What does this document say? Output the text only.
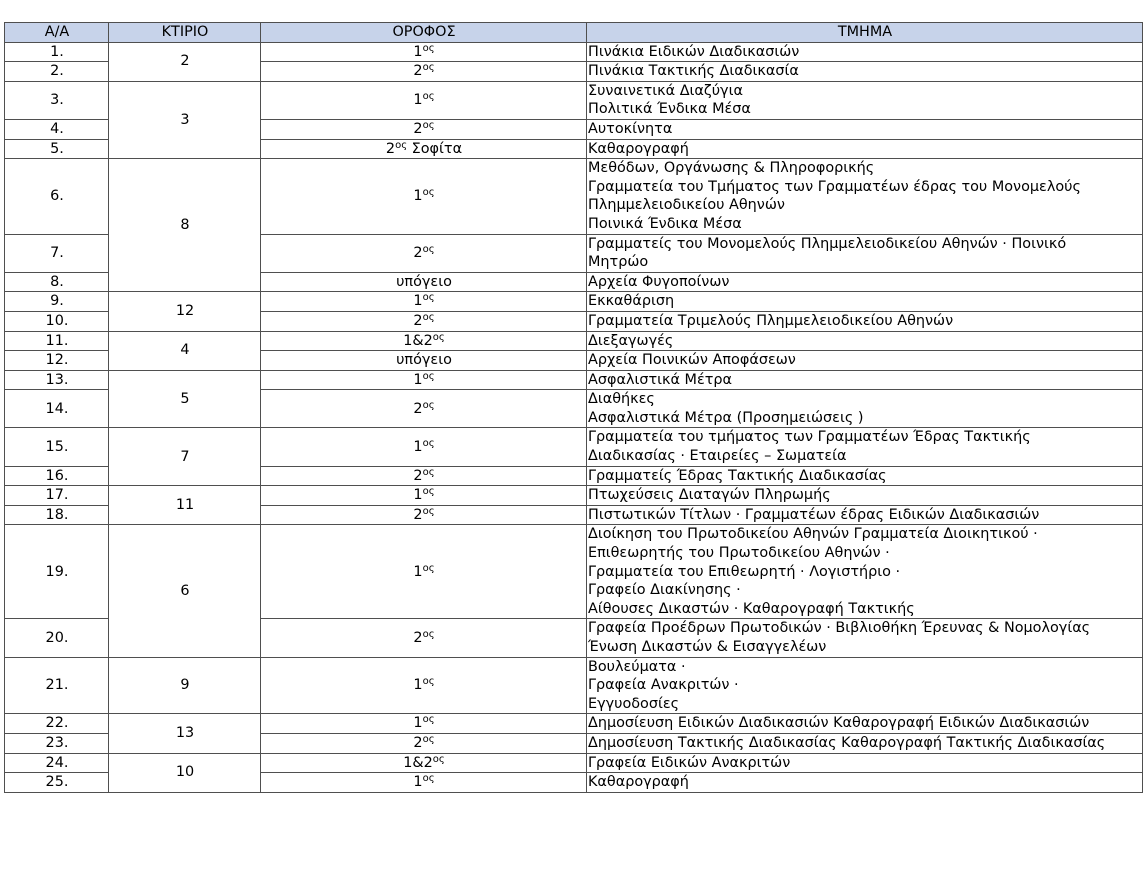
Α/Α	ΚΤΙΡΙΟ	ΟΡΟΦΟΣ	ΤΜΗΜΑ
1.	2	$1^{o\varsigma}$	Πινάκια Ειδικών Διαδικασιών

2.		$2^{o\varsigma}$	Πινάκια Τακτικής Διαδικασία

3.	3	$1^{o\varsigma}$	Συναινετικά Διαζύγια
Πολιτικά Ένδικα Μέσα

4.		$2^{o\varsigma}$	Αυτοκίνητα

5.		$2^{o\varsigma}$ Σοφίτα	Καθαρογραφή

6.	8	$1^{o\varsigma}$	Μεθόδων, Οργάνωσης & Πληροφορικής
Γραμματεία του Τμήματος των Γραμματέων έδρας του Μονομελούς
Πλημμελειοδικείου Αθηνών
Ποινικά Ένδικα Μέσα

7.		$2^{o\varsigma}$	Γραμματείς του Μονομελούς Πλημμελειοδικείου Αθηνών · Ποινικό
Μητρώο

8.		υπόγειο	Αρχεία Φυγοποίνων

9.	12	$1^{o\varsigma}$	Εκκαθάριση

10.		$2^{o\varsigma}$	Γραμματεία Τριμελούς Πλημμελειοδικείου Αθηνών

11.	4	$1\&2^{o\varsigma}$	Διεξαγωγές

12.		υπόγειο	Αρχεία Ποινικών Αποφάσεων

13.	5	$1^{o\varsigma}$	Ασφαλιστικά Μέτρα

14.		$2^{o\varsigma}$	Διαθήκες
Ασφαλιστικά Μέτρα (Προσημειώσεις )

15.	7	$1^{o\varsigma}$	Γραμματεία του τμήματος των Γραμματέων Έδρας Τακτικής
Διαδικασίας · Εταιρείες – Σωματεία

16.		$2^{o\varsigma}$	Γραμματείς Έδρας Τακτικής Διαδικασίας

17.	11	$1^{o\varsigma}$	Πτωχεύσεις Διαταγών Πληρωμής

18.		$2^{o\varsigma}$	Πιστωτικών Τίτλων · Γραμματέων έδρας Ειδικών Διαδικασιών

19.	6	$1^{o\varsigma}$	Διοίκηση του Πρωτοδικείου Αθηνών Γραμματεία Διοικητικού ·
Επιθεωρητής του Πρωτοδικείου Αθηνών ·
Γραμματεία του Επιθεωρητή · Λογιστήριο ·
Γραφείο Διακίνησης ·
Αίθουσες Δικαστών · Καθαρογραφή Τακτικής

20.		$2^{o\varsigma}$	Γραφεία Προέδρων Πρωτοδικών · Βιβλιοθήκη Έρευνας & Νομολογίας
Ένωση Δικαστών & Εισαγγελέων

21.	9	$1^{o\varsigma}$	Βουλεύματα ·
Γραφεία Ανακριτών ·
Εγγυοδοσίες

22.	13	$1^{o\varsigma}$	Δημοσίευση Ειδικών Διαδικασιών Καθαρογραφή Ειδικών Διαδικασιών

23.		$2^{o\varsigma}$	Δημοσίευση Τακτικής Διαδικασίας Καθαρογραφή Τακτικής Διαδικασίας

24.	10	$1\&2^{o\varsigma}$	Γραφεία Ειδικών Ανακριτών

25.		$1^{o\varsigma}$	Καθαρογραφή
